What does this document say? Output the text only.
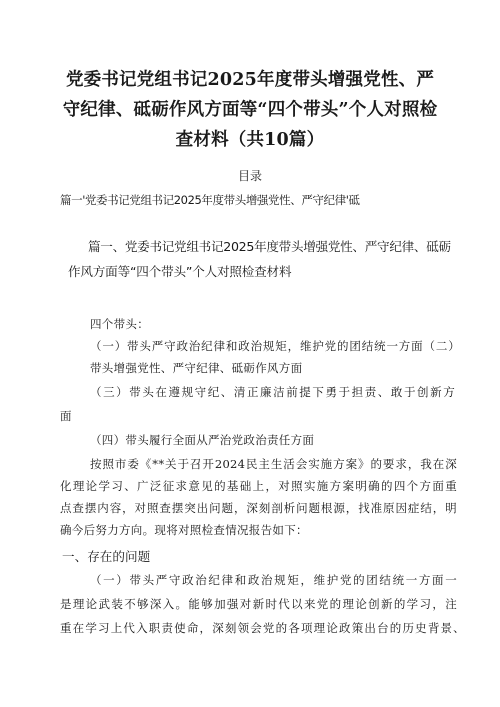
党委书记党组书记2025年度带头增强党性、严
守纪律、砥砺作风方面等“四个带头”个人对照检
查材料（共10篇）
目录
篇一'党委书记党组书记2025年度带头增强党性、严守纪律'砥
篇一、党委书记党组书记2025年度带头增强党性、严守纪律、砥砺
作风方面等“四个带头”个人对照检查材料
四个带头：
（一）带头严守政治纪律和政治规矩，维护党的团结统一方面（二）
带头增强党性、严守纪律、砥砺作风方面
（三）带头在遵规守纪、清正廉洁前提下勇于担责、敢于创新方
面
（四）带头履行全面从严治党政治责任方面
按照市委《**关于召开2024民主生活会实施方案》的要求，我在深
化理论学习、广泛征求意见的基础上，对照实施方案明确的四个方面重
点查摆内容，对照查摆突出问题，深刻剖析问题根源，找准原因症结，明
确今后努力方向。现将对照检查情况报告如下：
一、存在的问题
（一）带头严守政治纪律和政治规矩，维护党的团结统一方面一
是理论武装不够深入。能够加强对新时代以来党的理论创新的学习，注
重在学习上代入职责使命，深刻领会党的各项理论政策出台的历史背景、
